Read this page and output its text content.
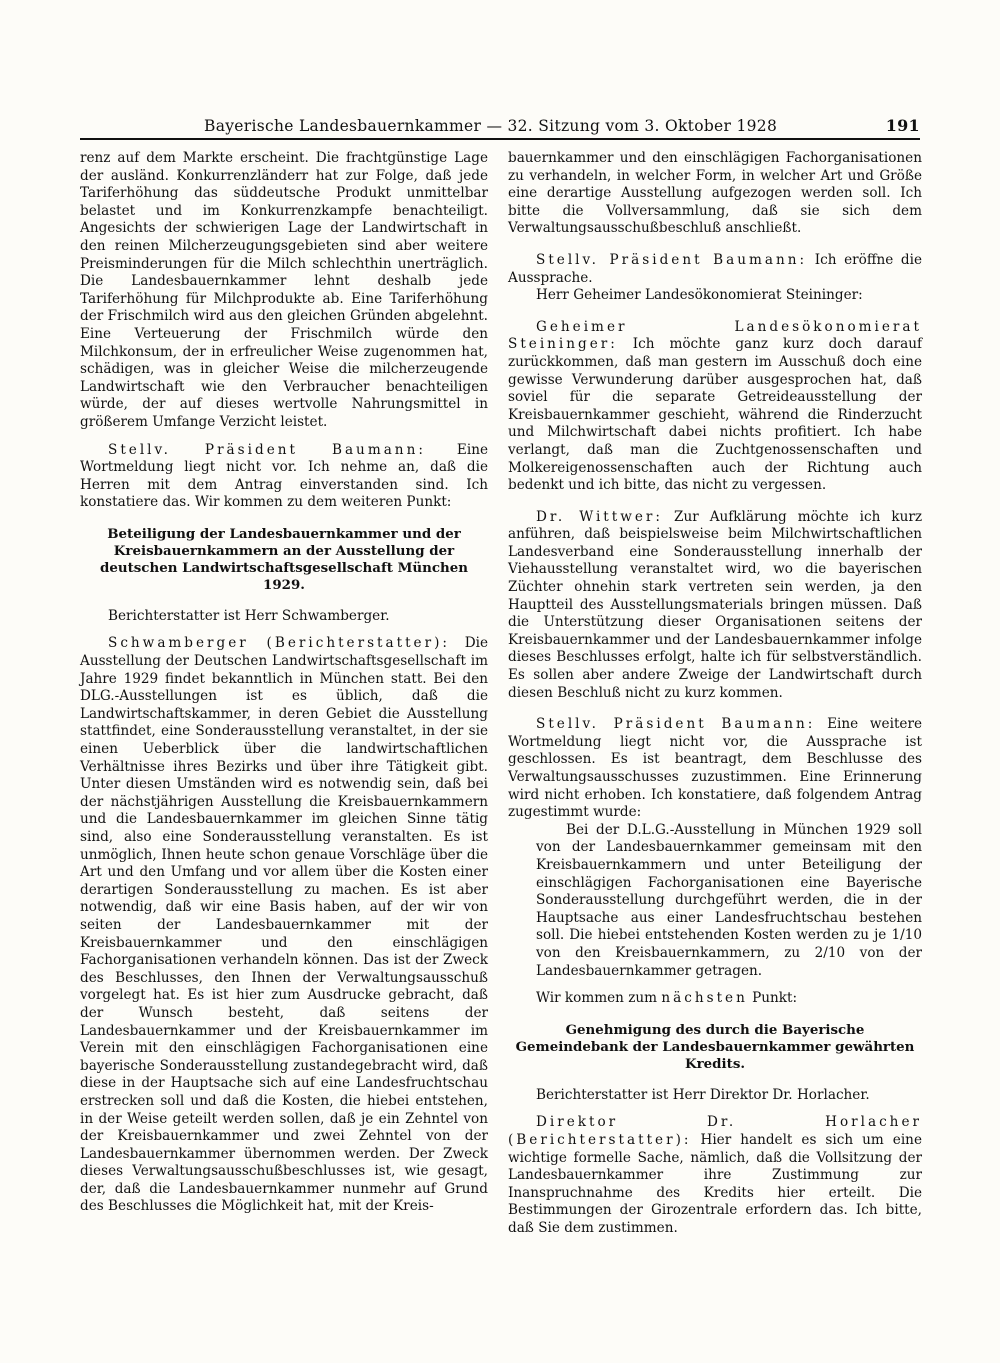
Bayerische Landesbauernkammer — 32. Sitzung vom 3. Oktober 1928	191

renz auf dem Markte erscheint. Die frachtgünstige Lage der ausländ. Konkurrenzländerr hat zur Folge, daß jede Tariferhöhung das süddeutsche Produkt unmittelbar belastet und im Konkurrenzkampfe benachteiligt. Angesichts der schwierigen Lage der Landwirtschaft in den reinen Milcherzeugungsgebieten sind aber weitere Preisminderungen für die Milch schlechthin unerträglich. Die Landesbauernkammer lehnt deshalb jede Tariferhöhung für Milchprodukte ab. Eine Tariferhöhung der Frischmilch wird aus den gleichen Gründen abgelehnt. Eine Verteuerung der Frischmilch würde den Milchkonsum, der in erfreulicher Weise zugenommen hat, schädigen, was in gleicher Weise die milcherzeugende Landwirtschaft wie den Verbraucher benachteiligen würde, der auf dieses wertvolle Nahrungsmittel in größerem Umfange Verzicht leistet.

Stellv. Präsident Baumann: Eine Wortmeldung liegt nicht vor. Ich nehme an, daß die Herren mit dem Antrag einverstanden sind. Ich konstatiere das. Wir kommen zu dem weiteren Punkt:

Beteiligung der Landesbauernkammer und der Kreisbauernkammern an der Ausstellung der deutschen Landwirtschaftsgesellschaft München 1929.

Berichterstatter ist Herr Schwamberger.

Schwamberger (Berichterstatter): Die Ausstellung der Deutschen Landwirtschaftsgesellschaft im Jahre 1929 findet bekanntlich in München statt. Bei den DLG.-Ausstellungen ist es üblich, daß die Landwirtschaftskammer, in deren Gebiet die Ausstellung stattfindet, eine Sonderausstellung veranstaltet, in der sie einen Ueberblick über die landwirtschaftlichen Verhältnisse ihres Bezirks und über ihre Tätigkeit gibt. Unter diesen Umständen wird es notwendig sein, daß bei der nächstjährigen Ausstellung die Kreisbauernkammern und die Landesbauernkammer im gleichen Sinne tätig sind, also eine Sonderausstellung veranstalten. Es ist unmöglich, Ihnen heute schon genaue Vorschläge über die Art und den Umfang und vor allem über die Kosten einer derartigen Sonderausstellung zu machen. Es ist aber notwendig, daß wir eine Basis haben, auf der wir von seiten der Landesbauernkammer mit der Kreisbauernkammer und den einschlägigen Fachorganisationen verhandeln können. Das ist der Zweck des Beschlusses, den Ihnen der Verwaltungsausschuß vorgelegt hat. Es ist hier zum Ausdrucke gebracht, daß der Wunsch besteht, daß seitens der Landesbauernkammer und der Kreisbauernkammer im Verein mit den einschlägigen Fachorganisationen eine bayerische Sonderausstellung zustandegebracht wird, daß diese in der Hauptsache sich auf eine Landesfruchtschau erstrecken soll und daß die Kosten, die hiebei entstehen, in der Weise geteilt werden sollen, daß je ein Zehntel von der Kreisbauernkammer und zwei Zehntel von der Landesbauernkammer übernommen werden. Der Zweck dieses Verwaltungsausschußbeschlusses ist, wie gesagt, der, daß die Landesbauernkammer nunmehr auf Grund des Beschlusses die Möglichkeit hat, mit der Kreis-

bauernkammer und den einschlägigen Fachorganisationen zu verhandeln, in welcher Form, in welcher Art und Größe eine derartige Ausstellung aufgezogen werden soll. Ich bitte die Vollversammlung, daß sie sich dem Verwaltungsausschußbeschluß anschließt.

Stellv. Präsident Baumann: Ich eröffne die Aussprache.

Herr Geheimer Landesökonomierat Steininger:

Geheimer Landesökonomierat Steininger: Ich möchte ganz kurz doch darauf zurückkommen, daß man gestern im Ausschuß doch eine gewisse Verwunderung darüber ausgesprochen hat, daß soviel für die separate Getreideausstellung der Kreisbauernkammer geschieht, während die Rinderzucht und Milchwirtschaft dabei nichts profitiert. Ich habe verlangt, daß man die Zuchtgenossenschaften und Molkereigenossenschaften auch der Richtung auch bedenkt und ich bitte, das nicht zu vergessen.

Dr. Wittwer: Zur Aufklärung möchte ich kurz anführen, daß beispielsweise beim Milchwirtschaftlichen Landesverband eine Sonderausstellung innerhalb der Viehausstellung veranstaltet wird, wo die bayerischen Züchter ohnehin stark vertreten sein werden, ja den Hauptteil des Ausstellungsmaterials bringen müssen. Daß die Unterstützung dieser Organisationen seitens der Kreisbauernkammer und der Landesbauernkammer infolge dieses Beschlusses erfolgt, halte ich für selbstverständlich. Es sollen aber andere Zweige der Landwirtschaft durch diesen Beschluß nicht zu kurz kommen.

Stellv. Präsident Baumann: Eine weitere Wortmeldung liegt nicht vor, die Aussprache ist geschlossen. Es ist beantragt, dem Beschlusse des Verwaltungsausschusses zuzustimmen. Eine Erinnerung wird nicht erhoben. Ich konstatiere, daß folgendem Antrag zugestimmt wurde:

Bei der D.L.G.-Ausstellung in München 1929 soll von der Landesbauernkammer gemeinsam mit den Kreisbauernkammern und unter Beteiligung der einschlägigen Fachorganisationen eine Bayerische Sonderausstellung durchgeführt werden, die in der Hauptsache aus einer Landesfruchtschau bestehen soll. Die hiebei entstehenden Kosten werden zu je 1/10 von den Kreisbauernkammern, zu 2/10 von der Landesbauernkammer getragen.

Wir kommen zum nächsten Punkt:

Genehmigung des durch die Bayerische Gemeindebank der Landesbauernkammer gewährten Kredits.

Berichterstatter ist Herr Direktor Dr. Horlacher.

Direktor Dr. Horlacher (Berichterstatter): Hier handelt es sich um eine wichtige formelle Sache, nämlich, daß die Vollsitzung der Landesbauernkammer ihre Zustimmung zur Inanspruchnahme des Kredits hier erteilt. Die Bestimmungen der Girozentrale erfordern das. Ich bitte, daß Sie dem zustimmen.
